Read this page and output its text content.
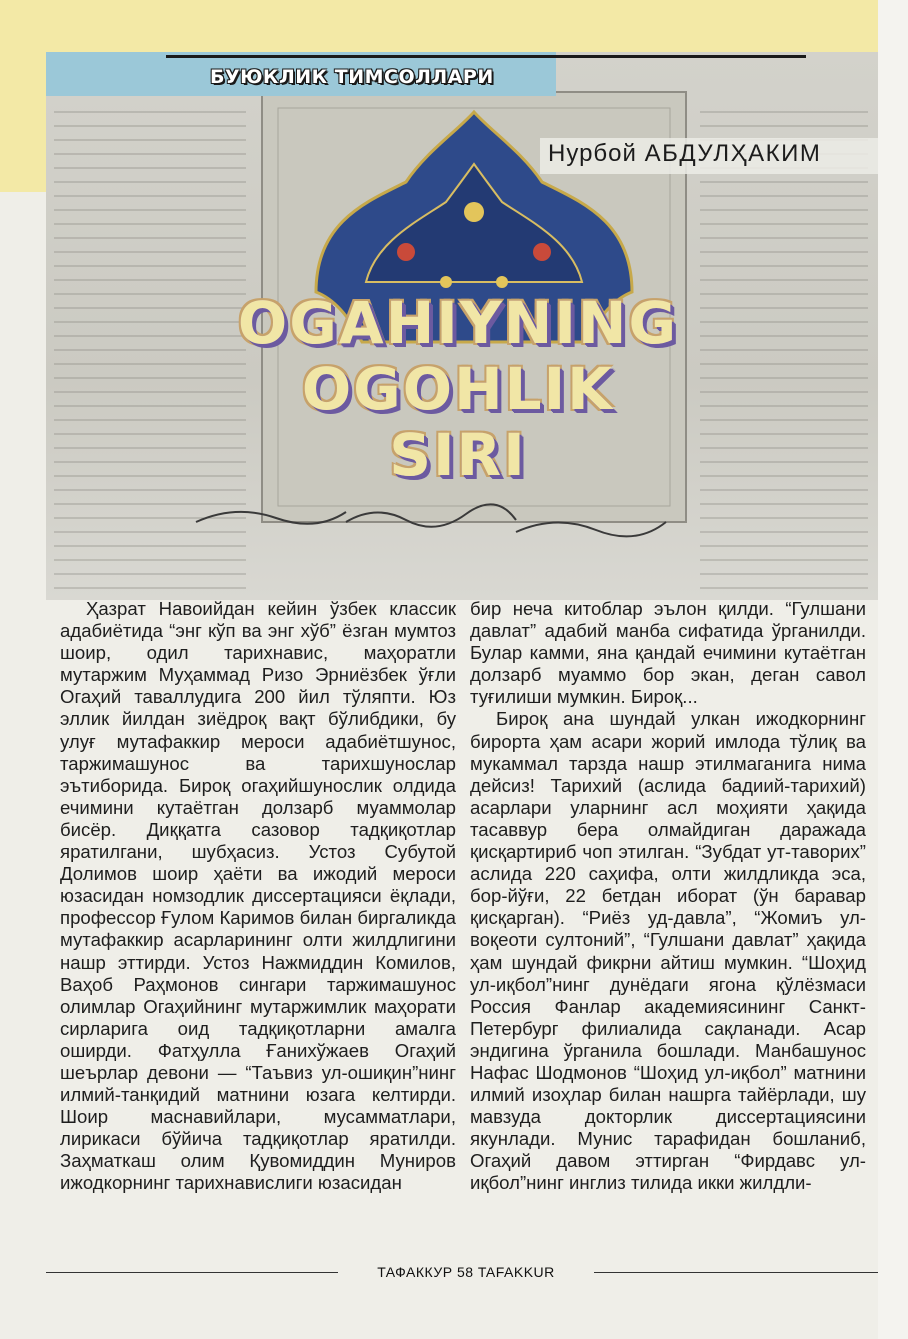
БУЮКЛИК ТИМСОЛЛАРИ
Нурбой АБДУЛҲАКИМ
OGAHIYNING
OGOHLIK SIRI

Ҳазрат Навоийдан кейин ўзбек классик адабиётида “энг кўп ва энг хўб” ёзган мумтоз шоир, одил тарихнавис, маҳоратли мутаржим Муҳаммад Ризо Эрниёзбек ўғли Огаҳий таваллудига 200 йил тўляпти. Юз эллик йилдан зиёдроқ вақт бўлибдики, бу улуғ мутафаккир мероси адабиётшунос, таржимашунос ва тарихшунослар эътиборида. Бироқ огаҳийшунослик олдида ечимини кутаётган долзарб муаммолар бисёр. Диққатга сазовор тадқиқотлар яратилгани, шубҳасиз. Устоз Субутой Долимов шоир ҳаёти ва ижодий мероси юзасидан номзодлик диссертацияси ёқлади, профессор Ғулом Каримов билан биргаликда мутафаккир асарларининг олти жилдлигини нашр эттирди. Устоз Нажмиддин Комилов, Ваҳоб Раҳмонов сингари таржимашунос олимлар Огаҳийнинг мутаржимлик маҳорати сирларига оид тадқиқотларни амалга оширди. Фатҳулла Ғанихўжаев Огаҳий шеърлар девони — “Таъвиз ул-ошиқин”нинг илмий-танқидий матнини юзага келтирди. Шоир маснавийлари, мусамматлари, лирикаси бўйича тадқиқотлар яратилди. Заҳматкаш олим Қувомиддин Муниров ижодкорнинг тарихнавислиги юзасидан

бир неча китоблар эълон қилди. “Гулшани давлат” адабий манба сифатида ўрганилди. Булар камми, яна қандай ечимини кутаётган долзарб муаммо бор экан, деган савол туғилиши мумкин. Бироқ...

Бироқ ана шундай улкан ижодкорнинг бирорта ҳам асари жорий имлода тўлиқ ва мукаммал тарзда нашр этилмаганига нима дейсиз! Тарихий (аслида бадиий-тарихий) асарлари уларнинг асл моҳияти ҳақида тасаввур бера олмайдиган даражада қисқартириб чоп этилган. “Зубдат ут-таворих” аслида 220 саҳифа, олти жилдликда эса, бор-йўғи, 22 бетдан иборат (ўн баравар қисқарган). “Риёз уд-давла”, “Жомиъ ул-воқеоти султоний”, “Гулшани давлат” ҳақида ҳам шундай фикрни айтиш мумкин. “Шоҳид ул-иқбол”нинг дунёдаги ягона қўлёзмаси Россия Фанлар академиясининг Санкт-Петербург филиалида сақланади. Асар эндигина ўрганила бошлади. Манбашунос Нафас Шодмонов “Шоҳид ул-иқбол” матнини илмий изоҳлар билан нашрга тайёрлади, шу мавзуда докторлик диссертациясини якунлади. Мунис тарафидан бошланиб, Огаҳий давом эттирган “Фирдавс ул-иқбол”нинг инглиз тилида икки жилдли-

ТАФАККУР 58 TAFAKKUR
